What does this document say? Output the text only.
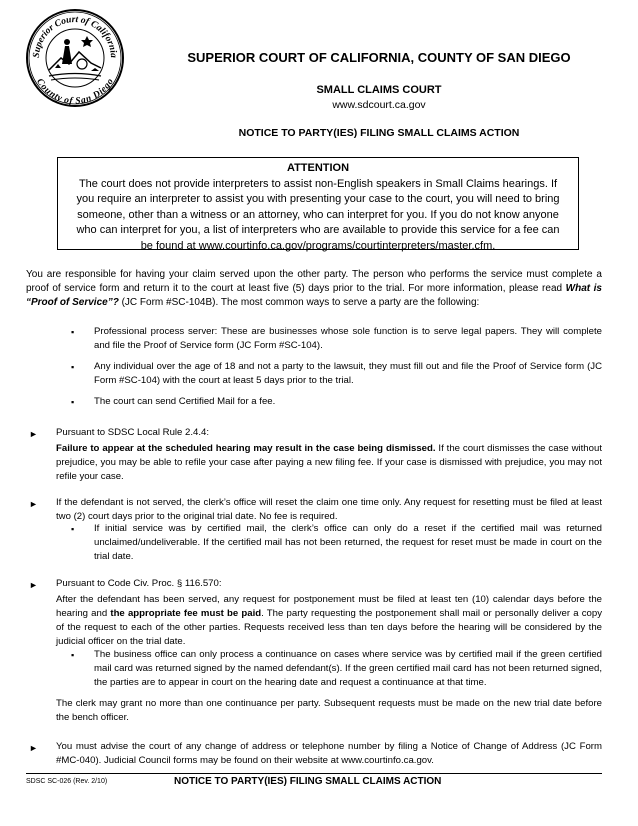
Superior Court of California
County of San Diego
SUPERIOR COURT OF CALIFORNIA, COUNTY OF SAN DIEGO
SMALL CLAIMS COURT
www.sdcourt.ca.gov
NOTICE TO PARTY(IES) FILING SMALL CLAIMS ACTION
ATTENTION
The court does not provide interpreters to assist non-English speakers in Small Claims hearings. If
you require an interpreter to assist you with presenting your case to the court, you will need to bring
someone, other than a witness or an attorney, who can interpret for you. If you do not know anyone
who can interpret for you, a list of interpreters who are available to provide this service for a fee can
be found at www.courtinfo.ca.gov/programs/courtinterpreters/master.cfm.
You are responsible for having your claim served upon the other party. The person who performs the service must complete a proof of service form and return it to the court at least five (5) days prior to the trial. For more information, please read What is “Proof of Service”? (JC Form #SC-104B). The most common ways to serve a party are the following:
▪ Professional process server: These are businesses whose sole function is to serve legal papers. They will complete and file the Proof of Service form (JC Form #SC-104).
▪ Any individual over the age of 18 and not a party to the lawsuit, they must fill out and file the Proof of Service form (JC Form #SC-104) with the court at least 5 days prior to the trial.
▪ The court can send Certified Mail for a fee.
► Pursuant to SDSC Local Rule 2.4.4:
Failure to appear at the scheduled hearing may result in the case being dismissed. If the court dismisses the case without prejudice, you may be able to refile your case after paying a new filing fee. If your case is dismissed with prejudice, you may not refile your case.
► If the defendant is not served, the clerk’s office will reset the claim one time only. Any request for resetting must be filed at least two (2) court days prior to the original trial date. No fee is required.
▪ If initial service was by certified mail, the clerk’s office can only do a reset if the certified mail was returned unclaimed/undeliverable. If the certified mail has not been returned, the request for reset must be made in court on the trial date.
► Pursuant to Code Civ. Proc. § 116.570:
After the defendant has been served, any request for postponement must be filed at least ten (10) calendar days before the hearing and the appropriate fee must be paid. The party requesting the postponement shall mail or personally deliver a copy of the request to each of the other parties. Requests received less than ten days before the hearing will be considered by the judicial officer on the trial date.
▪ The business office can only process a continuance on cases where service was by certified mail if the green certified mail card was returned signed by the named defendant(s). If the green certified mail card has not been returned signed, the parties are to appear in court on the hearing date and request a continuance at that time.
The clerk may grant no more than one continuance per party. Subsequent requests must be made on the new trial date before the bench officer.
► You must advise the court of any change of address or telephone number by filing a Notice of Change of Address (JC Form #MC-040). Judicial Council forms may be found on their website at www.courtinfo.ca.gov.
SDSC SC-026 (Rev. 2/10)	NOTICE TO PARTY(IES) FILING SMALL CLAIMS ACTION
